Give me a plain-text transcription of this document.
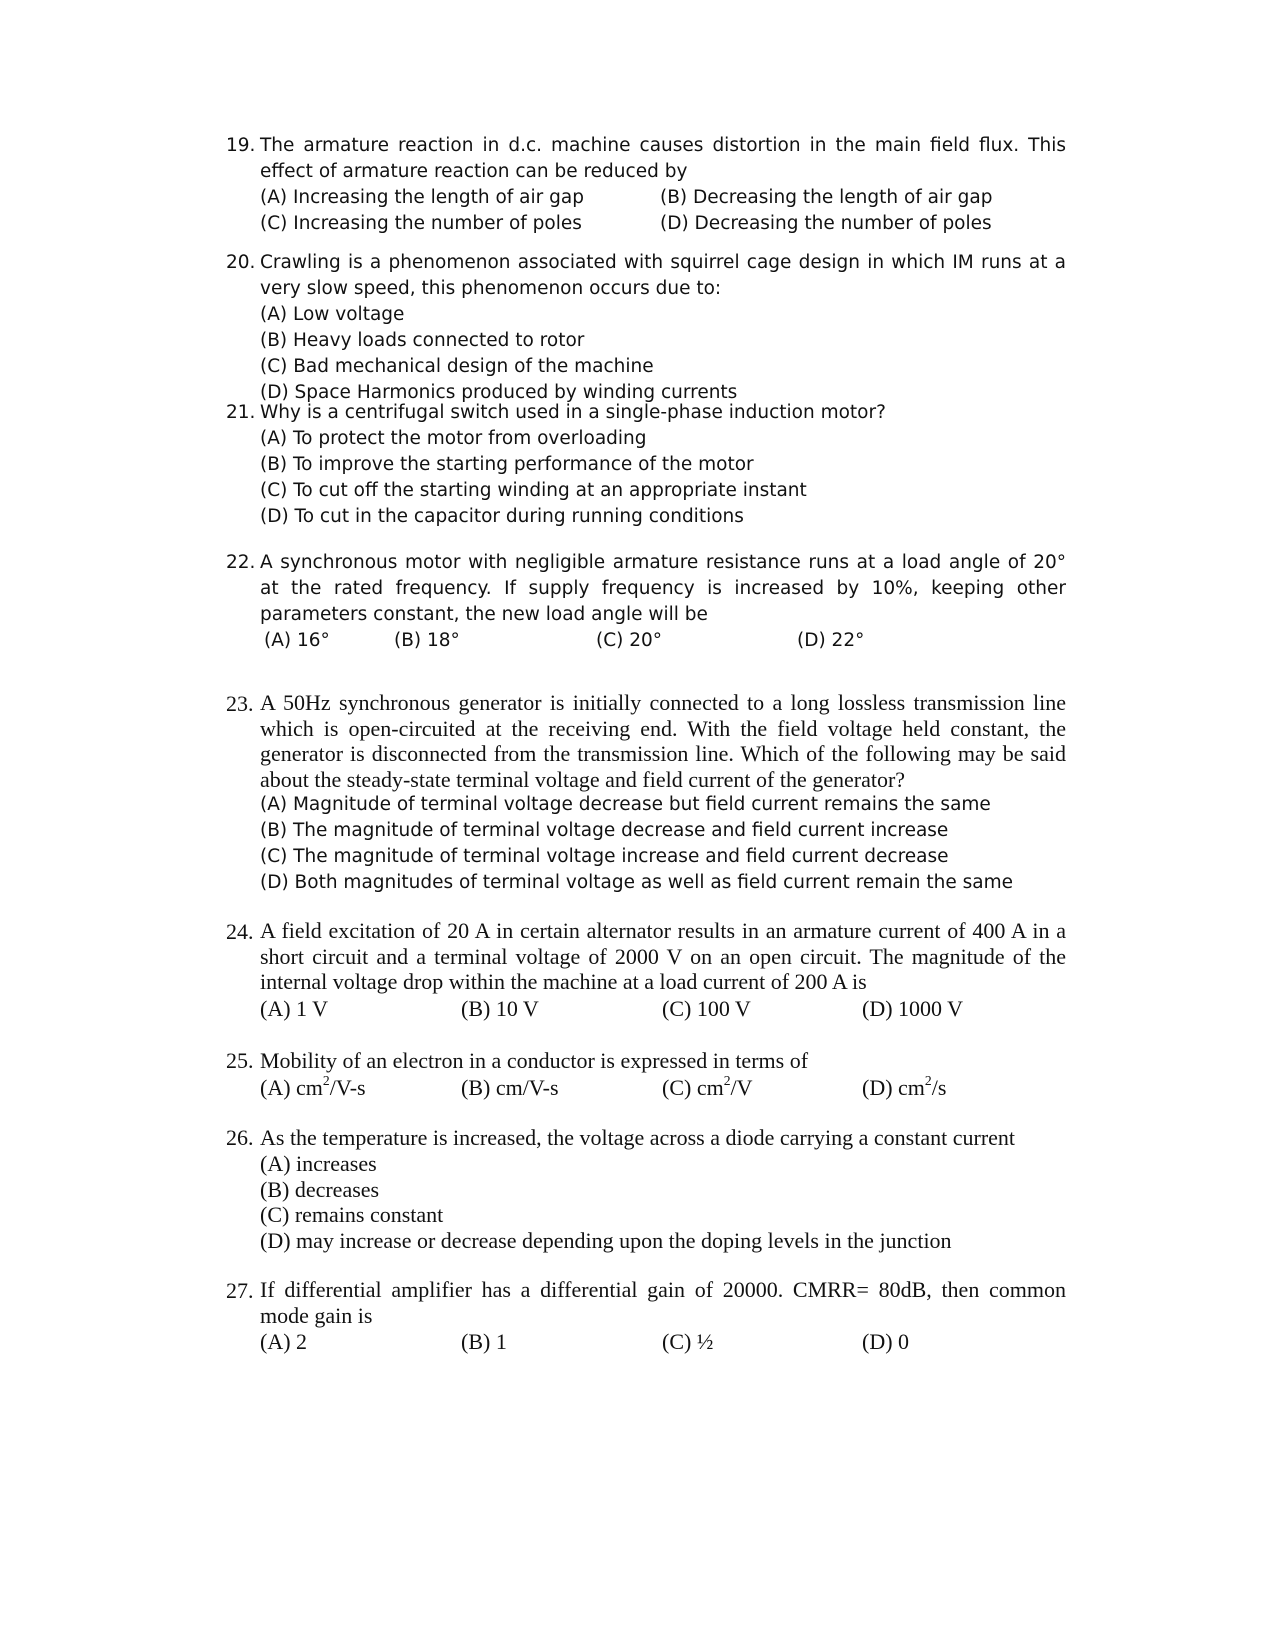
19. The armature reaction in d.c. machine causes distortion in the main field flux. This effect of armature reaction can be reduced by
(A) Increasing the length of air gap	(B) Decreasing the length of air gap
(C) Increasing the number of poles	(D) Decreasing the number of poles
20. Crawling is a phenomenon associated with squirrel cage design in which IM runs at a very slow speed, this phenomenon occurs due to:
(A) Low voltage
(B) Heavy loads connected to rotor
(C) Bad mechanical design of the machine
(D) Space Harmonics produced by winding currents
21. Why is a centrifugal switch used in a single-phase induction motor?
(A) To protect the motor from overloading
(B) To improve the starting performance of the motor
(C) To cut off the starting winding at an appropriate instant
(D) To cut in the capacitor during running conditions
22. A synchronous motor with negligible armature resistance runs at a load angle of 20° at the rated frequency. If supply frequency is increased by 10%, keeping other parameters constant, the new load angle will be
(A) 16°	(B) 18°	(C) 20°	(D) 22°
23. A 50Hz synchronous generator is initially connected to a long lossless transmission line which is open-circuited at the receiving end. With the field voltage held constant, the generator is disconnected from the transmission line. Which of the following may be said about the steady-state terminal voltage and field current of the generator?
(A) Magnitude of terminal voltage decrease but field current remains the same
(B) The magnitude of terminal voltage decrease and field current increase
(C) The magnitude of terminal voltage increase and field current decrease
(D) Both magnitudes of terminal voltage as well as field current remain the same
24. A field excitation of 20 A in certain alternator results in an armature current of 400 A in a short circuit and a terminal voltage of 2000 V on an open circuit. The magnitude of the internal voltage drop within the machine at a load current of 200 A is
(A) 1 V	(B) 10 V	(C) 100 V	(D) 1000 V
25. Mobility of an electron in a conductor is expressed in terms of
(A) $cm^2/V-s$	(B) cm/V-s	(C) $cm^2/V$	(D) $cm^2/s$
26. As the temperature is increased, the voltage across a diode carrying a constant current
(A) increases
(B) decreases
(C) remains constant
(D) may increase or decrease depending upon the doping levels in the junction
27. If differential amplifier has a differential gain of 20000. CMRR= 80dB, then common mode gain is
(A) 2	(B) 1	(C) ½	(D) 0
